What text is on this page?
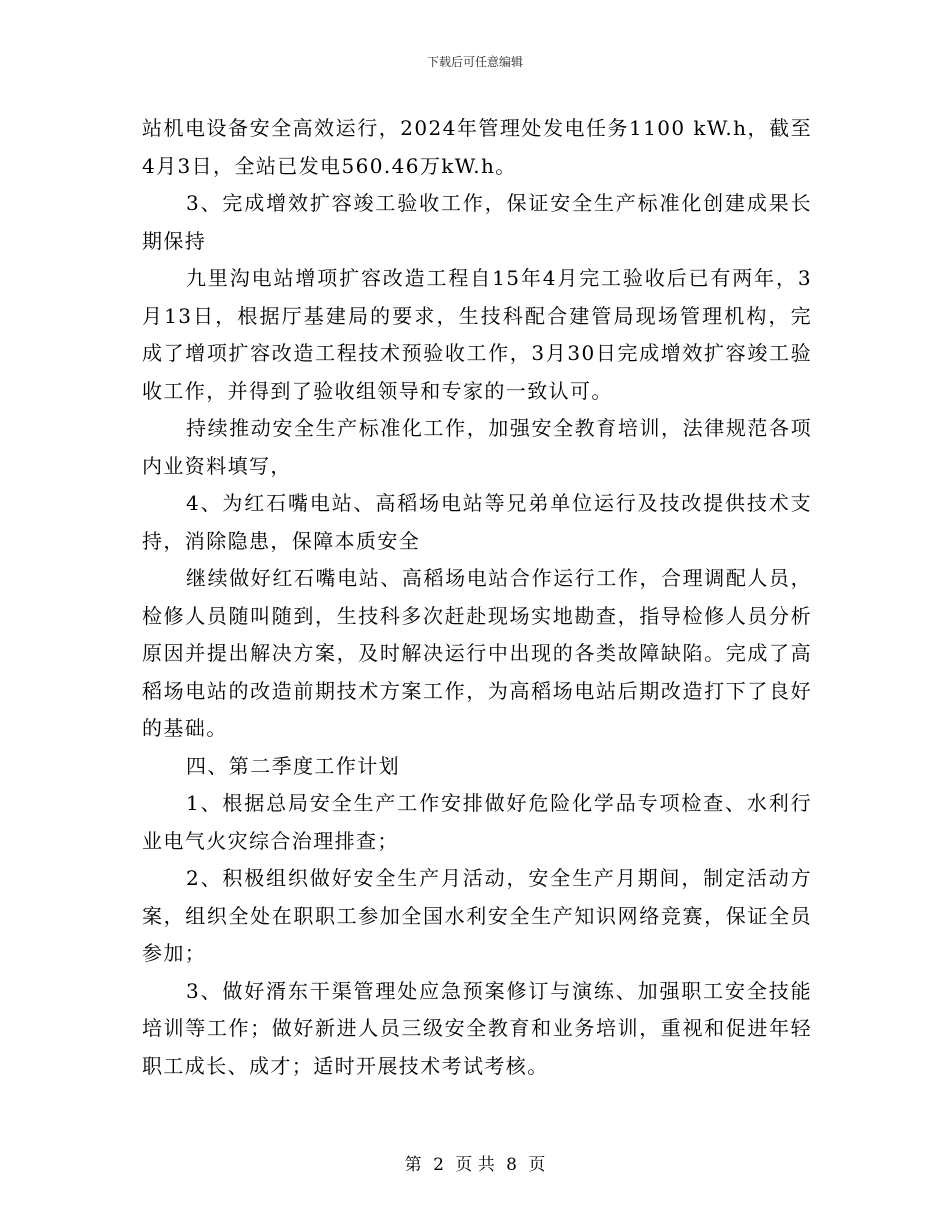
下载后可任意编辑

站机电设备安全高效运行，2024年管理处发电任务1100 kW.h，截至4月3日，全站已发电560.46万kW.h。

3、完成增效扩容竣工验收工作，保证安全生产标准化创建成果长期保持

九里沟电站增项扩容改造工程自15年4月完工验收后已有两年，3月13日，根据厅基建局的要求，生技科配合建管局现场管理机构，完成了增项扩容改造工程技术预验收工作，3月30日完成增效扩容竣工验收工作，并得到了验收组领导和专家的一致认可。

持续推动安全生产标准化工作，加强安全教育培训，法律规范各项内业资料填写，

4、为红石嘴电站、高稻场电站等兄弟单位运行及技改提供技术支持，消除隐患，保障本质安全

继续做好红石嘴电站、高稻场电站合作运行工作，合理调配人员，检修人员随叫随到，生技科多次赶赴现场实地勘查，指导检修人员分析原因并提出解决方案，及时解决运行中出现的各类故障缺陷。完成了高稻场电站的改造前期技术方案工作，为高稻场电站后期改造打下了良好的基础。

四、第二季度工作计划

1、根据总局安全生产工作安排做好危险化学品专项检查、水利行业电气火灾综合治理排查；

2、积极组织做好安全生产月活动，安全生产月期间，制定活动方案，组织全处在职职工参加全国水利安全生产知识网络竞赛，保证全员参加；

3、做好湑东干渠管理处应急预案修订与演练、加强职工安全技能培训等工作；做好新进人员三级安全教育和业务培训，重视和促进年轻职工成长、成才；适时开展技术考试考核。

第 2 页 共 8 页
